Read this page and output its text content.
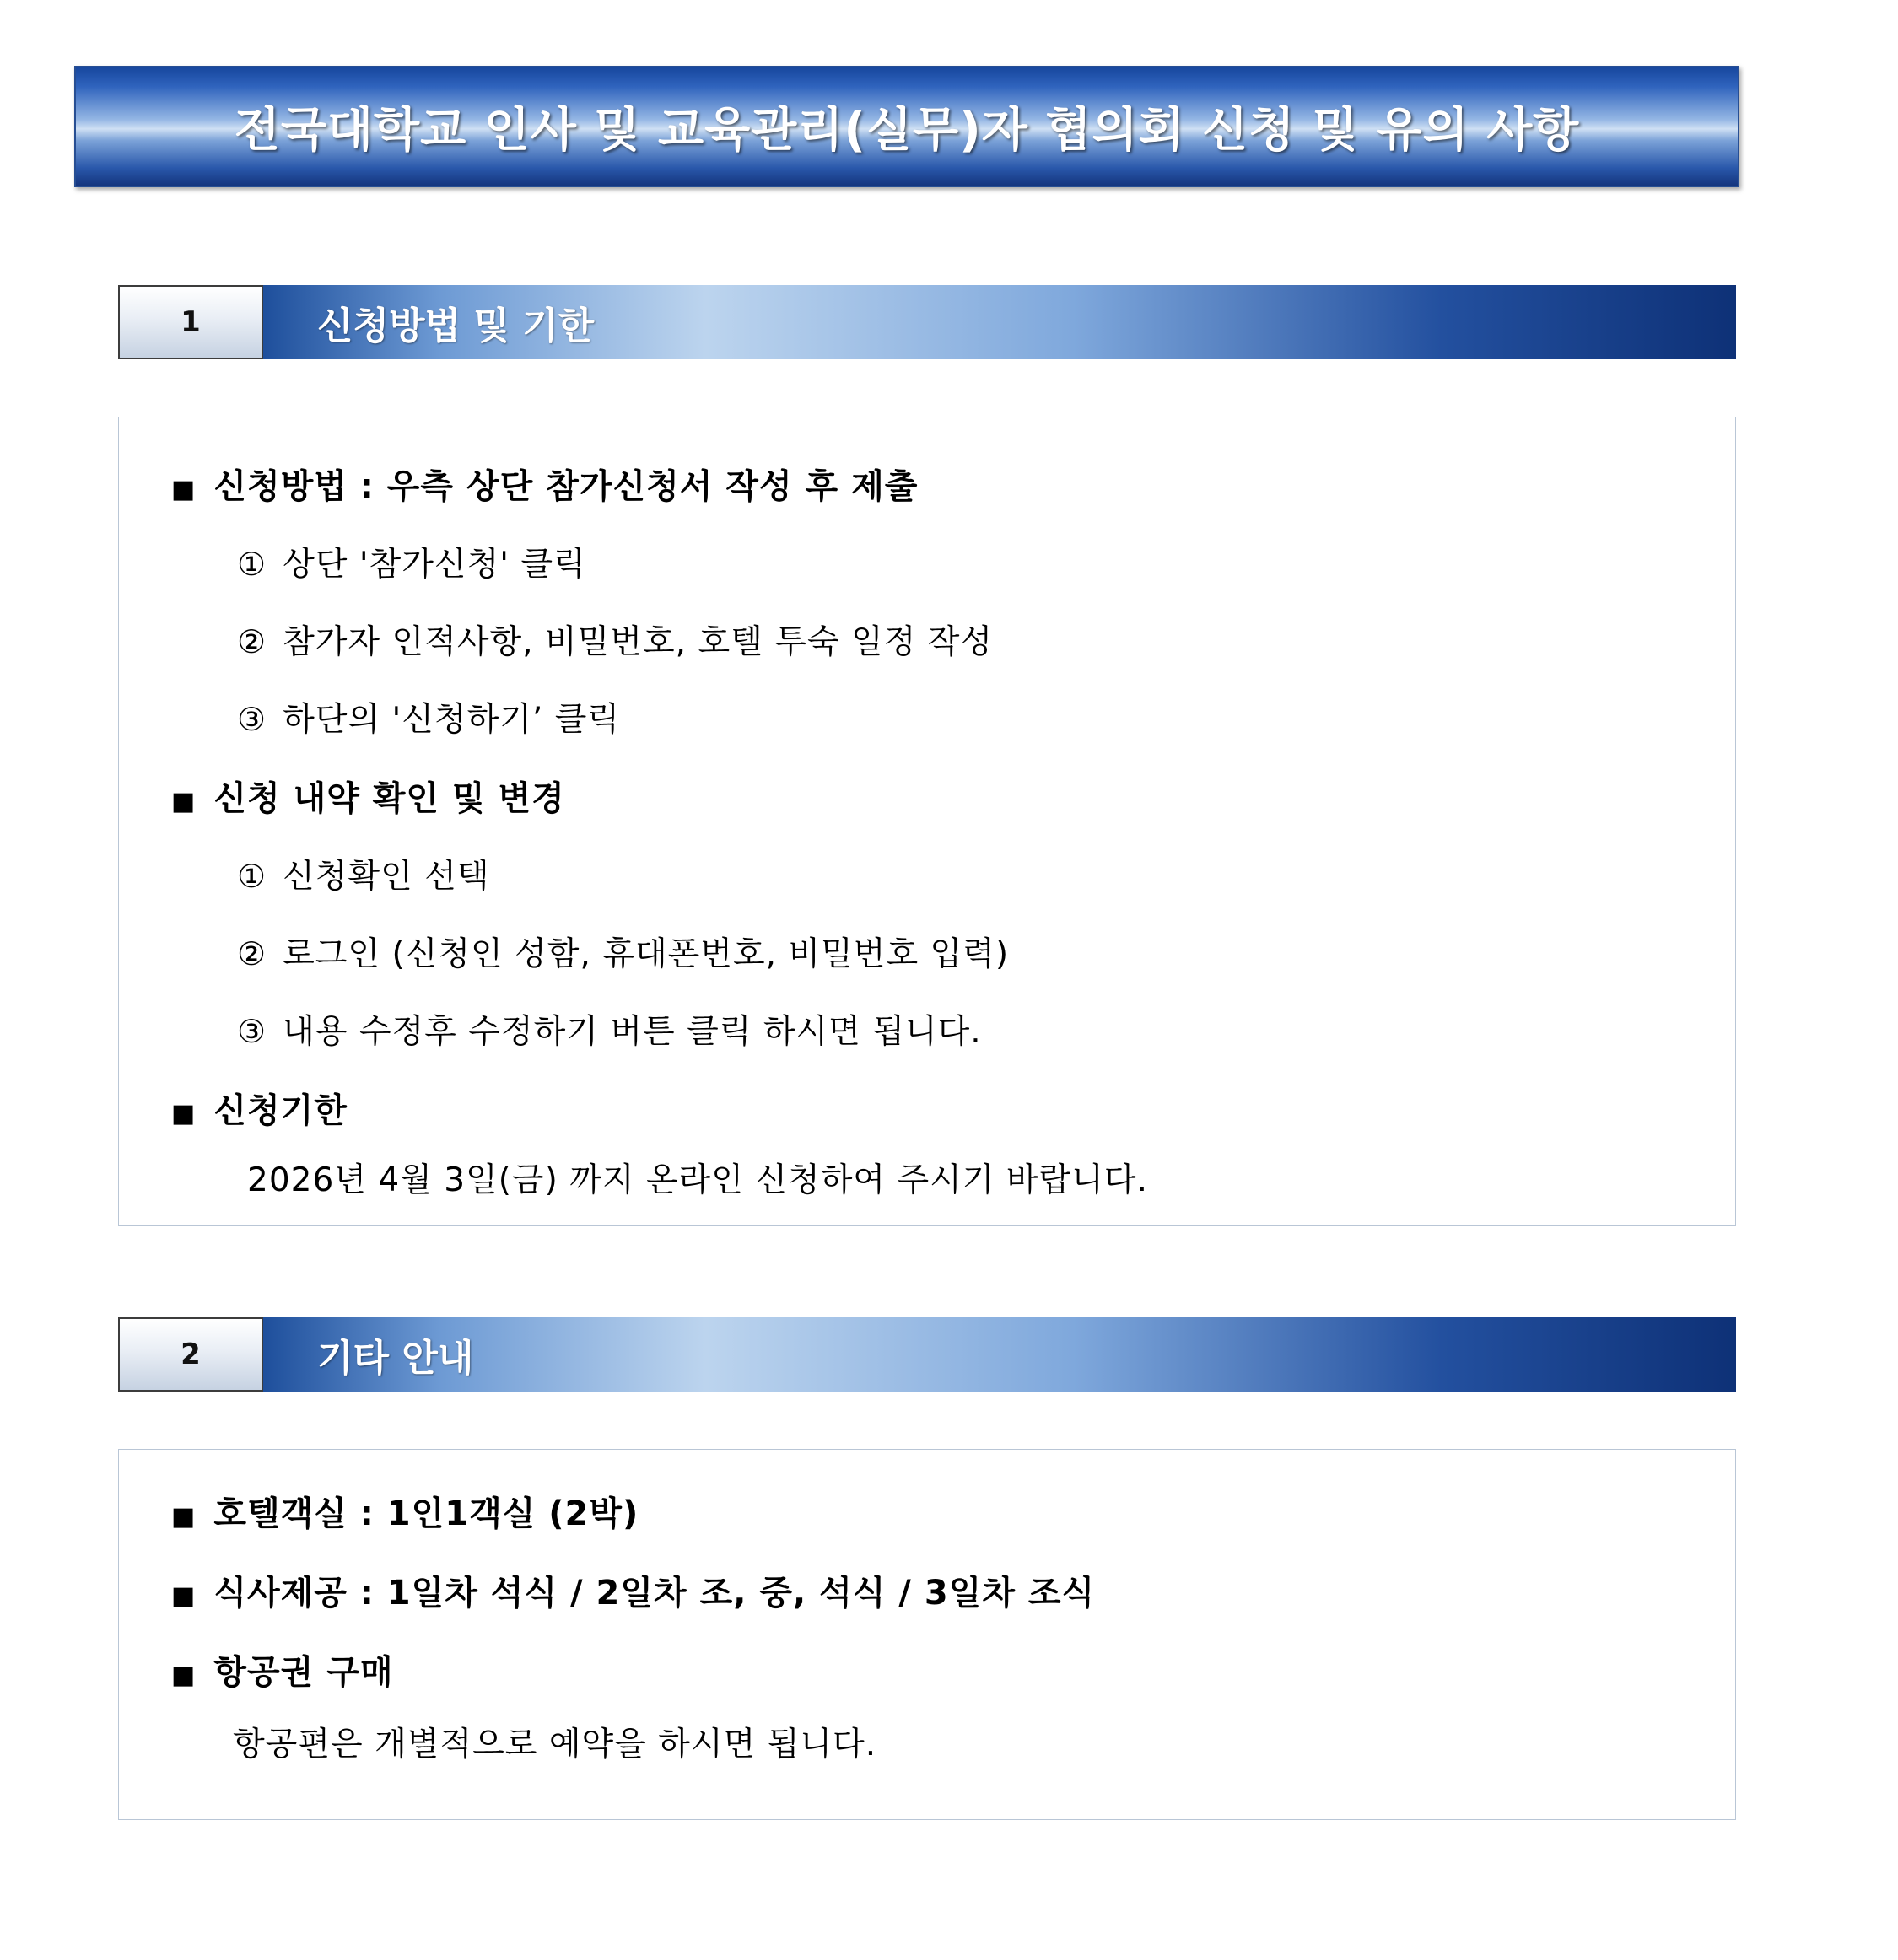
전국대학교 인사 및 교육관리(실무)자 협의회 신청 및 유의 사항
1	신청방법 및 기한
■ 신청방법 : 우측 상단 참가신청서 작성 후 제출
① 상단 '참가신청' 클릭
② 참가자 인적사항, 비밀번호, 호텔 투숙 일정 작성
③ 하단의 '신청하기’ 클릭
■ 신청 내약 확인 및 변경
① 신청확인 선택
② 로그인 (신청인 성함, 휴대폰번호, 비밀번호 입력)
③ 내용 수정후 수정하기 버튼 클릭 하시면 됩니다.
■ 신청기한
2026년 4월 3일(금) 까지 온라인 신청하여 주시기 바랍니다.
2	기타 안내
■ 호텔객실 : 1인1객실 (2박)
■ 식사제공 : 1일차 석식 / 2일차 조, 중, 석식 / 3일차 조식
■ 항공권 구매
항공편은 개별적으로 예약을 하시면 됩니다.
